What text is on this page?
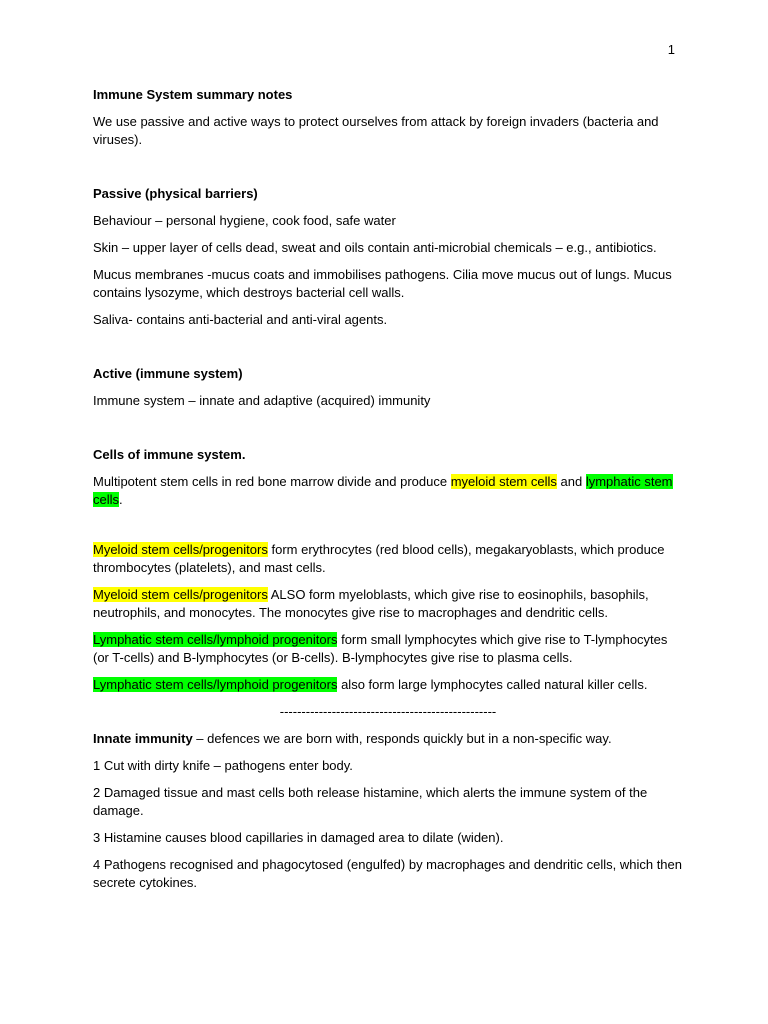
1
Immune System summary notes
We use passive and active ways to protect ourselves from attack by foreign invaders (bacteria and viruses).
Passive (physical barriers)
Behaviour – personal hygiene, cook food, safe water
Skin – upper layer of cells dead, sweat and oils contain anti-microbial chemicals – e.g., antibiotics.
Mucus membranes -mucus coats and immobilises pathogens. Cilia move mucus out of lungs. Mucus contains lysozyme, which destroys bacterial cell walls.
Saliva- contains anti-bacterial and anti-viral agents.
Active (immune system)
Immune system – innate and adaptive (acquired) immunity
Cells of immune system.
Multipotent stem cells in red bone marrow divide and produce myeloid stem cells and lymphatic stem cells.
Myeloid stem cells/progenitors form erythrocytes (red blood cells), megakaryoblasts, which produce thrombocytes (platelets), and mast cells.
Myeloid stem cells/progenitors ALSO form myeloblasts, which give rise to eosinophils, basophils, neutrophils, and monocytes. The monocytes give rise to macrophages and dendritic cells.
Lymphatic stem cells/lymphoid progenitors form small lymphocytes which give rise to T-lymphocytes (or T-cells) and B-lymphocytes (or B-cells). B-lymphocytes give rise to plasma cells.
Lymphatic stem cells/lymphoid progenitors also form large lymphocytes called natural killer cells.
--------------------------------------------------
Innate immunity – defences we are born with, responds quickly but in a non-specific way.
1 Cut with dirty knife – pathogens enter body.
2 Damaged tissue and mast cells both release histamine, which alerts the immune system of the damage.
3 Histamine causes blood capillaries in damaged area to dilate (widen).
4 Pathogens recognised and phagocytosed (engulfed) by macrophages and dendritic cells, which then secrete cytokines.
